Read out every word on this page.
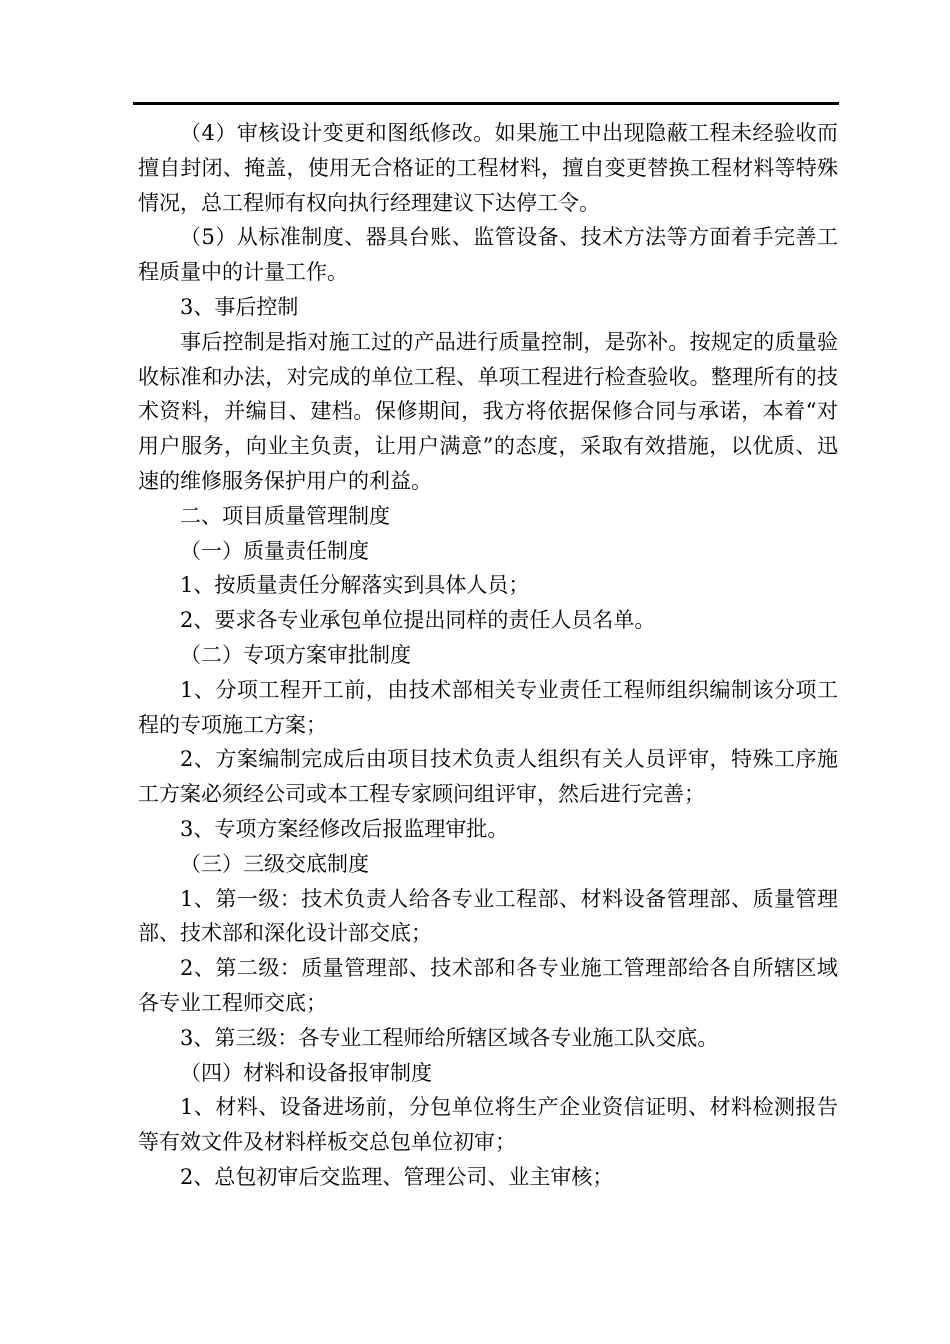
（4）审核设计变更和图纸修改。如果施工中出现隐蔽工程未经验收而擅自封闭、掩盖，使用无合格证的工程材料，擅自变更替换工程材料等特殊情况，总工程师有权向执行经理建议下达停工令。

（5）从标准制度、器具台账、监管设备、技术方法等方面着手完善工程质量中的计量工作。

3、事后控制

事后控制是指对施工过的产品进行质量控制，是弥补。按规定的质量验收标准和办法，对完成的单位工程、单项工程进行检查验收。整理所有的技术资料，并编目、建档。保修期间，我方将依据保修合同与承诺，本着“对用户服务，向业主负责，让用户满意”的态度，采取有效措施，以优质、迅速的维修服务保护用户的利益。

二、项目质量管理制度

（一）质量责任制度

1、按质量责任分解落实到具体人员；

2、要求各专业承包单位提出同样的责任人员名单。

（二）专项方案审批制度

1、分项工程开工前，由技术部相关专业责任工程师组织编制该分项工程的专项施工方案；

2、方案编制完成后由项目技术负责人组织有关人员评审，特殊工序施工方案必须经公司或本工程专家顾问组评审，然后进行完善；

3、专项方案经修改后报监理审批。

（三）三级交底制度

1、第一级：技术负责人给各专业工程部、材料设备管理部、质量管理部、技术部和深化设计部交底；

2、第二级：质量管理部、技术部和各专业施工管理部给各自所辖区域各专业工程师交底；

3、第三级：各专业工程师给所辖区域各专业施工队交底。

（四）材料和设备报审制度

1、材料、设备进场前，分包单位将生产企业资信证明、材料检测报告等有效文件及材料样板交总包单位初审；

2、总包初审后交监理、管理公司、业主审核；
